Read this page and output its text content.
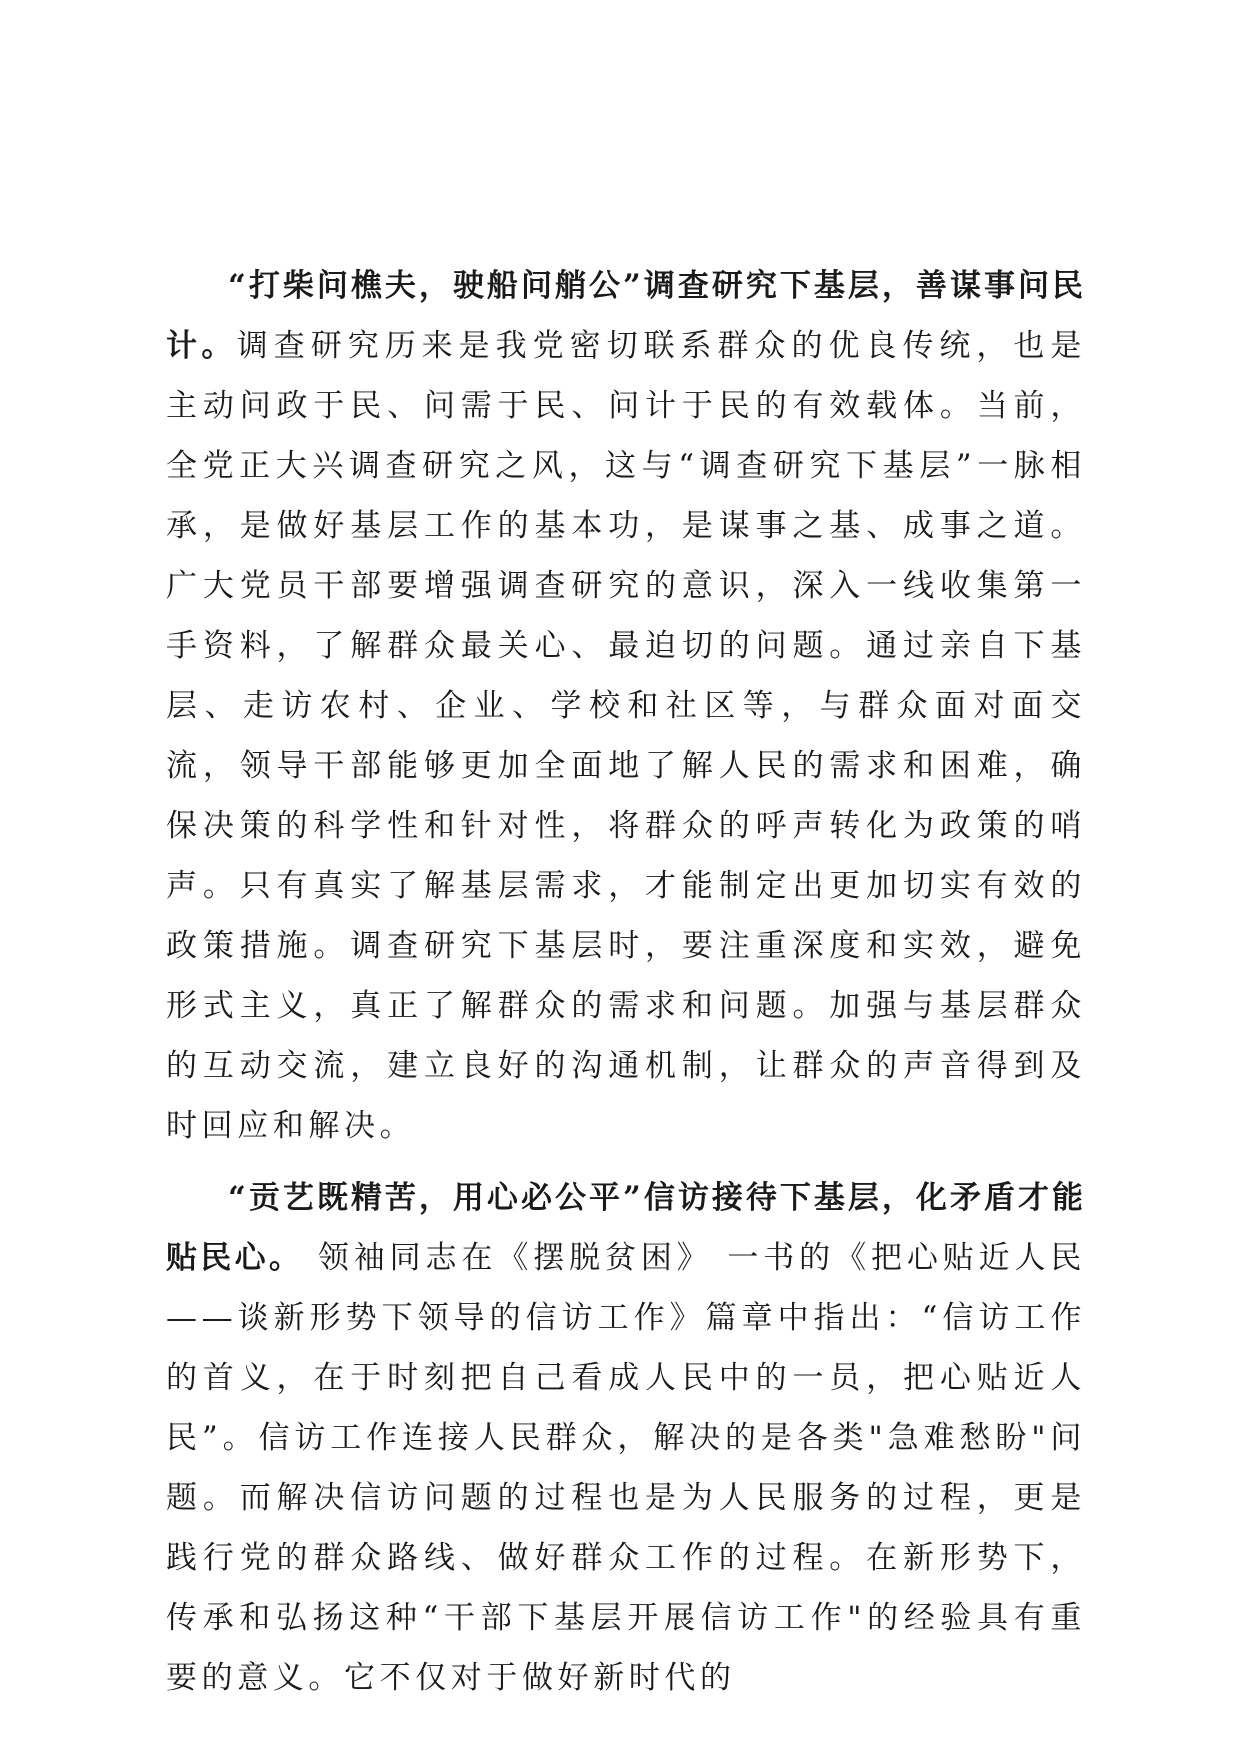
“打柴问樵夫，驶船问艄公”调查研究下基层，善谋事问民计。调查研究历来是我党密切联系群众的优良传统，也是主动问政于民、问需于民、问计于民的有效载体。当前，全党正大兴调查研究之风，这与“调查研究下基层”一脉相承，是做好基层工作的基本功，是谋事之基、成事之道。广大党员干部要增强调查研究的意识，深入一线收集第一手资料，了解群众最关心、最迫切的问题。通过亲自下基层、走访农村、企业、学校和社区等，与群众面对面交流，领导干部能够更加全面地了解人民的需求和困难，确保决策的科学性和针对性，将群众的呼声转化为政策的哨声。只有真实了解基层需求，才能制定出更加切实有效的政策措施。调查研究下基层时，要注重深度和实效，避免形式主义，真正了解群众的需求和问题。加强与基层群众的互动交流，建立良好的沟通机制，让群众的声音得到及时回应和解决。

“贡艺既精苦，用心必公平”信访接待下基层，化矛盾才能贴民心。 领袖同志在《摆脱贫困》 一书的《把心贴近人民——谈新形势下领导的信访工作》篇章中指出：“信访工作的首义，在于时刻把自己看成人民中的一员，把心贴近人民”。信访工作连接人民群众，解决的是各类"急难愁盼"问题。而解决信访问题的过程也是为人民服务的过程，更是践行党的群众路线、做好群众工作的过程。在新形势下，传承和弘扬这种“干部下基层开展信访工作"的经验具有重要的意义。它不仅对于做好新时代的
